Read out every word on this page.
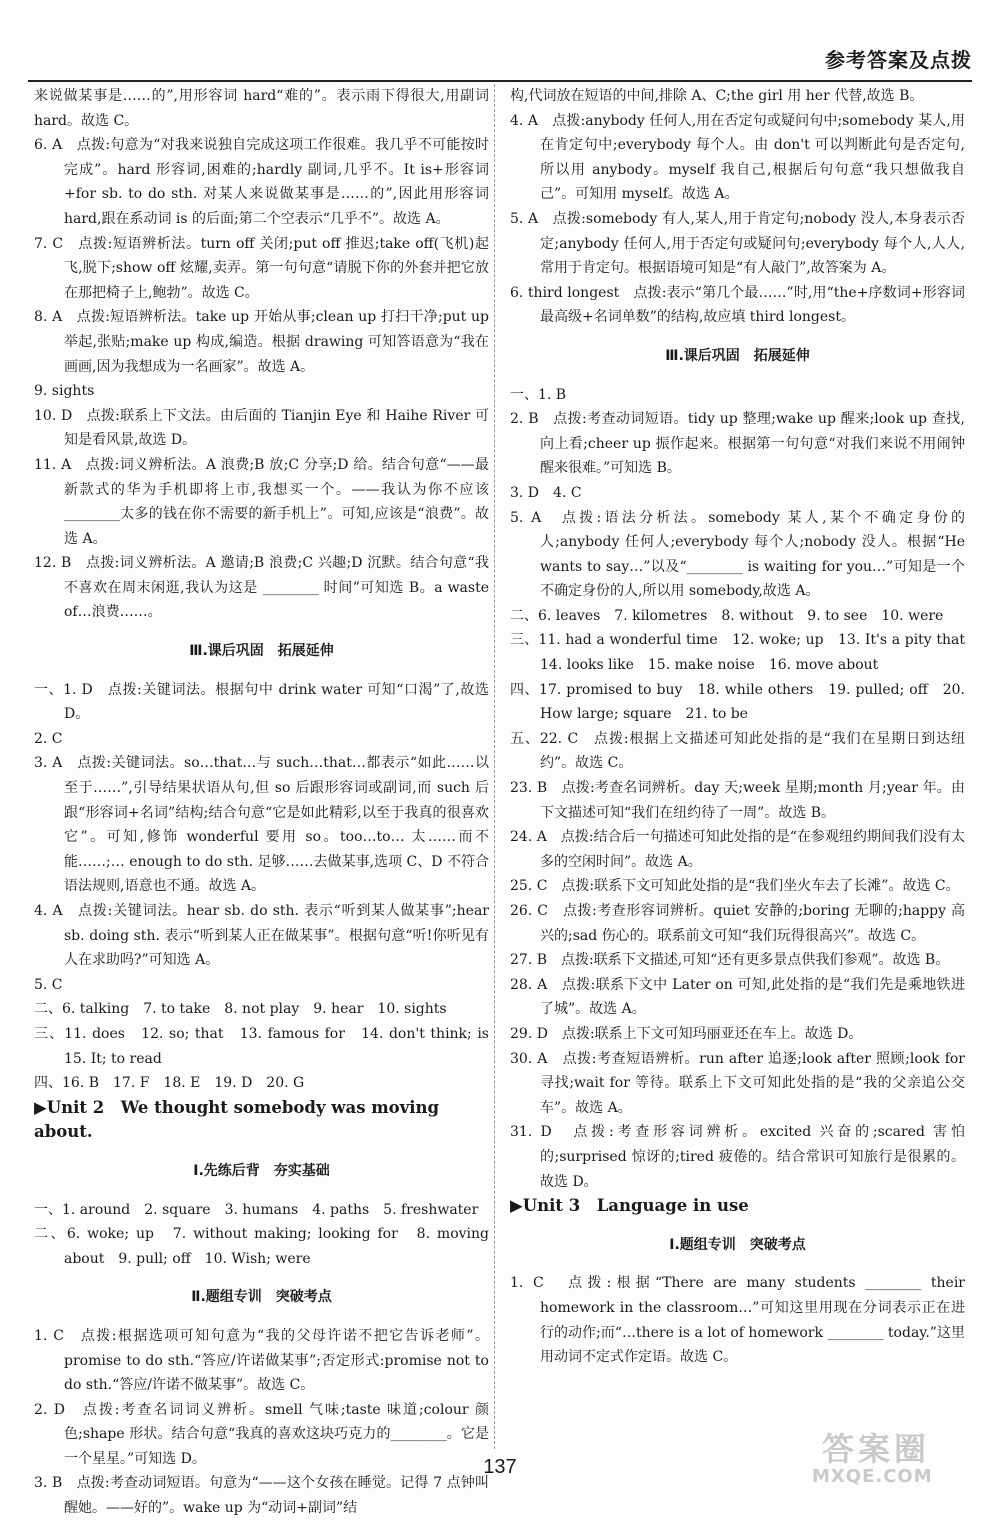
参考答案及点拨

来说做某事是……的”,用形容词 hard“难的”。表示雨下得很大,用副词 hard。故选 C。

6. A　点拨:句意为“对我来说独自完成这项工作很难。我几乎不可能按时完成”。hard 形容词,困难的;hardly 副词,几乎不。It is+形容词+for sb. to do sth. 对某人来说做某事是……的”,因此用形容词 hard,跟在系动词 is 的后面;第二个空表示“几乎不”。故选 A。

7. C　点拨:短语辨析法。turn off 关闭;put off 推迟;take off(飞机)起飞,脱下;show off 炫耀,卖弄。第一句句意“请脱下你的外套并把它放在那把椅子上,鲍勃”。故选 C。

8. A　点拨:短语辨析法。take up 开始从事;clean up 打扫干净;put up 举起,张贴;make up 构成,编造。根据 drawing 可知答语意为“我在画画,因为我想成为一名画家”。故选 A。

9. sights

10. D　点拨:联系上下文法。由后面的 Tianjin Eye 和 Haihe River 可知是看风景,故选 D。

11. A　点拨:词义辨析法。A 浪费;B 放;C 分享;D 给。结合句意“——最新款式的华为手机即将上市,我想买一个。——我认为你不应该________太多的钱在你不需要的新手机上”。可知,应该是“浪费”。故选 A。

12. B　点拨:词义辨析法。A 邀请;B 浪费;C 兴趣;D 沉默。结合句意“我不喜欢在周末闲逛,我认为这是 ________ 时间”可知选 B。a waste of…浪费……。

Ⅲ.课后巩固　拓展延伸

一、1. D　点拨:关键词法。根据句中 drink water 可知“口渴”了,故选 D。

2. C

3. A　点拨:关键词法。so…that…与 such…that…都表示“如此……以至于……”,引导结果状语从句,但 so 后跟形容词或副词,而 such 后跟“形容词+名词”结构;结合句意“它是如此精彩,以至于我真的很喜欢它”。可知,修饰 wonderful 要用 so。too…to… 太……而不能……;… enough to do sth. 足够……去做某事,选项 C、D 不符合语法规则,语意也不通。故选 A。

4. A　点拨:关键词法。hear sb. do sth. 表示“听到某人做某事”;hear sb. doing sth. 表示“听到某人正在做某事”。根据句意“听!你听见有人在求助吗?”可知选 A。

5. C

二、6. talking　7. to take　8. not play　9. hear　10. sights

三、11. does　12. so; that　13. famous for　14. don't think; is　15. It; to read

四、16. B　17. F　18. E　19. D　20. G

▶Unit 2　We thought somebody was moving about.

Ⅰ.先练后背　夯实基础

一、1. around　2. square　3. humans　4. paths　5. freshwater

二、6. woke; up　7. without making; looking for　8. moving about　9. pull; off　10. Wish; were

Ⅱ.题组专训　突破考点

1. C　点拨:根据选项可知句意为“我的父母许诺不把它告诉老师”。promise to do sth.“答应/许诺做某事”;否定形式:promise not to do sth.“答应/许诺不做某事”。故选 C。

2. D　点拨:考查名词词义辨析。smell 气味;taste 味道;colour 颜色;shape 形状。结合句意“我真的喜欢这块巧克力的________。它是一个星星。”可知选 D。

3. B　点拨:考查动词短语。句意为“——这个女孩在睡觉。记得 7 点钟叫醒她。——好的”。wake up 为“动词+副词”结

构,代词放在短语的中间,排除 A、C;the girl 用 her 代替,故选 B。

4. A　点拨:anybody 任何人,用在否定句或疑问句中;somebody 某人,用在肯定句中;everybody 每个人。由 don't 可以判断此句是否定句,所以用 anybody。myself 我自己,根据后句句意“我只想做我自己”。可知用 myself。故选 A。

5. A　点拨:somebody 有人,某人,用于肯定句;nobody 没人,本身表示否定;anybody 任何人,用于否定句或疑问句;everybody 每个人,人人,常用于肯定句。根据语境可知是“有人敲门”,故答案为 A。

6. third longest　点拨:表示“第几个最……”时,用“the+序数词+形容词最高级+名词单数”的结构,故应填 third longest。

Ⅲ.课后巩固　拓展延伸

一、1. B

2. B　点拨:考查动词短语。tidy up 整理;wake up 醒来;look up 查找,向上看;cheer up 振作起来。根据第一句句意“对我们来说不用闹钟醒来很难。”可知选 B。

3. D　4. C

5. A　点拨:语法分析法。somebody 某人,某个不确定身份的人;anybody 任何人;everybody 每个人;nobody 没人。根据“He wants to say…”以及“________ is waiting for you…”可知是一个不确定身份的人,所以用 somebody,故选 A。

二、6. leaves　7. kilometres　8. without　9. to see　10. were

三、11. had a wonderful time　12. woke; up　13. It's a pity that　14. looks like　15. make noise　16. move about

四、17. promised to buy　18. while others　19. pulled; off　20. How large; square　21. to be

五、22. C　点拨:根据上文描述可知此处指的是“我们在星期日到达纽约”。故选 C。

23. B　点拨:考查名词辨析。day 天;week 星期;month 月;year 年。由下文描述可知“我们在纽约待了一周”。故选 B。

24. A　点拨:结合后一句描述可知此处指的是“在参观纽约期间我们没有太多的空闲时间”。故选 A。

25. C　点拨:联系下文可知此处指的是“我们坐火车去了长滩”。故选 C。

26. C　点拨:考查形容词辨析。quiet 安静的;boring 无聊的;happy 高兴的;sad 伤心的。联系前文可知“我们玩得很高兴”。故选 C。

27. B　点拨:联系下文描述,可知“还有更多景点供我们参观”。故选 B。

28. A　点拨:联系下文中 Later on 可知,此处指的是“我们先是乘地铁进了城”。故选 A。

29. D　点拨:联系上下文可知玛丽亚还在车上。故选 D。

30. A　点拨:考查短语辨析。run after 追逐;look after 照顾;look for 寻找;wait for 等待。联系上下文可知此处指的是“我的父亲追公交车”。故选 A。

31. D　点拨:考查形容词辨析。excited 兴奋的;scared 害怕的;surprised 惊讶的;tired 疲倦的。结合常识可知旅行是很累的。故选 D。

▶Unit 3　Language in use

Ⅰ.题组专训　突破考点

1. C　点拨:根据“There are many students ________ their homework in the classroom…”可知这里用现在分词表示正在进行的动作;而“…there is a lot of homework ________ today.”这里用动词不定式作定语。故选 C。

137	答案圈
MXQE.COM
